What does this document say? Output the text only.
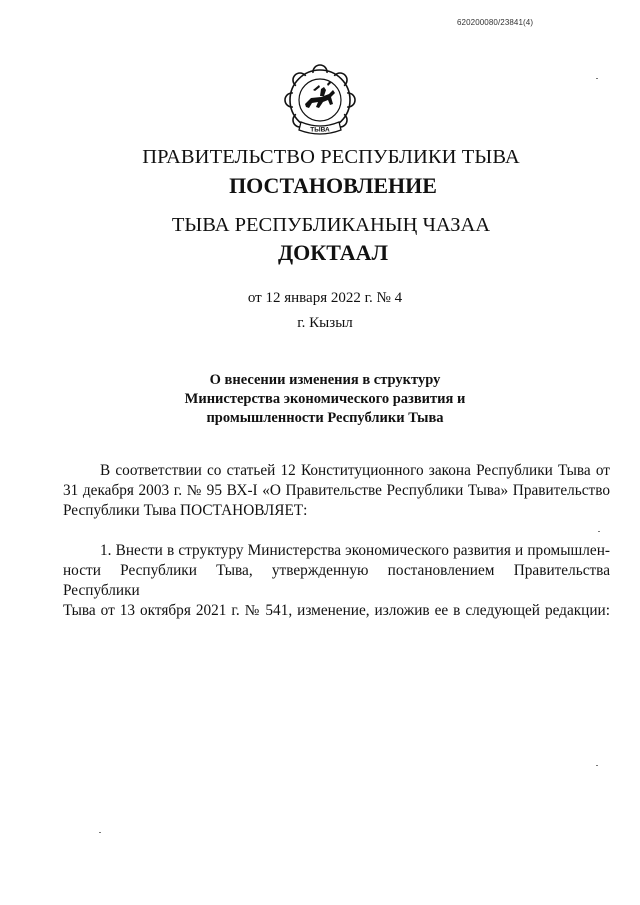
620200080/23841(4)
ТЫВА
ПРАВИТЕЛЬСТВО РЕСПУБЛИКИ ТЫВА
ПОСТАНОВЛЕНИЕ
ТЫВА РЕСПУБЛИКАНЫҢ ЧАЗАА
ДОКТААЛ
от 12 января 2022 г. № 4
г. Кызыл
О внесении изменения в структуру
Министерства экономического развития и
промышленности Республики Тыва
В соответствии со статьей 12 Конституционного закона Республики Тыва от
31 декабря 2003 г. № 95 ВХ-I «О Правительстве Республики Тыва» Правительство
Республики Тыва ПОСТАНОВЛЯЕТ:
1. Внести в структуру Министерства экономического развития и промышлен-
ности Республики Тыва, утвержденную постановлением Правительства Республики
Тыва от 13 октября 2021 г. № 541, изменение, изложив ее в следующей редакции:
